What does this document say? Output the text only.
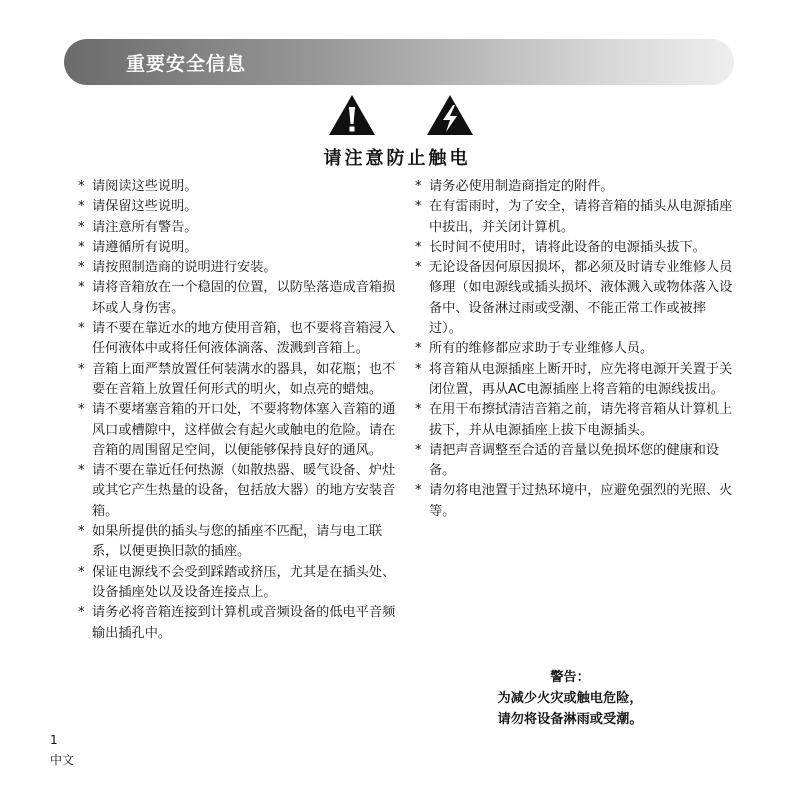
重要安全信息
请注意防止触电
* 请阅读这些说明。
* 请保留这些说明。
* 请注意所有警告。
* 请遵循所有说明。
* 请按照制造商的说明进行安装。
* 请将音箱放在一个稳固的位置，以防坠落造成音箱损坏或人身伤害。
* 请不要在靠近水的地方使用音箱，也不要将音箱浸入任何液体中或将任何液体滴落、泼溅到音箱上。
* 音箱上面严禁放置任何装满水的器具，如花瓶；也不要在音箱上放置任何形式的明火，如点亮的蜡烛。
* 请不要堵塞音箱的开口处，不要将物体塞入音箱的通风口或槽隙中，这样做会有起火或触电的危险。请在音箱的周围留足空间，以便能够保持良好的通风。
* 请不要在靠近任何热源（如散热器、暖气设备、炉灶或其它产生热量的设备，包括放大器）的地方安装音箱。
* 如果所提供的插头与您的插座不匹配，请与电工联系，以便更换旧款的插座。
* 保证电源线不会受到踩踏或挤压，尤其是在插头处、设备插座处以及设备连接点上。
* 请务必将音箱连接到计算机或音频设备的低电平音频输出插孔中。
* 请务必使用制造商指定的附件。
* 在有雷雨时，为了安全，请将音箱的插头从电源插座中拔出，并关闭计算机。
* 长时间不使用时，请将此设备的电源插头拔下。
* 无论设备因何原因损坏，都必须及时请专业维修人员修理（如电源线或插头损坏、液体溅入或物体落入设备中、设备淋过雨或受潮、不能正常工作或被摔过）。
* 所有的维修都应求助于专业维修人员。
* 将音箱从电源插座上断开时，应先将电源开关置于关闭位置，再从AC电源插座上将音箱的电源线拔出。
* 在用干布擦拭清洁音箱之前，请先将音箱从计算机上拔下，并从电源插座上拔下电源插头。
* 请把声音调整至合适的音量以免损坏您的健康和设备。
* 请勿将电池置于过热环境中，应避免强烈的光照、火等。
警告：
为减少火灾或触电危险，
请勿将设备淋雨或受潮。
1
中文
